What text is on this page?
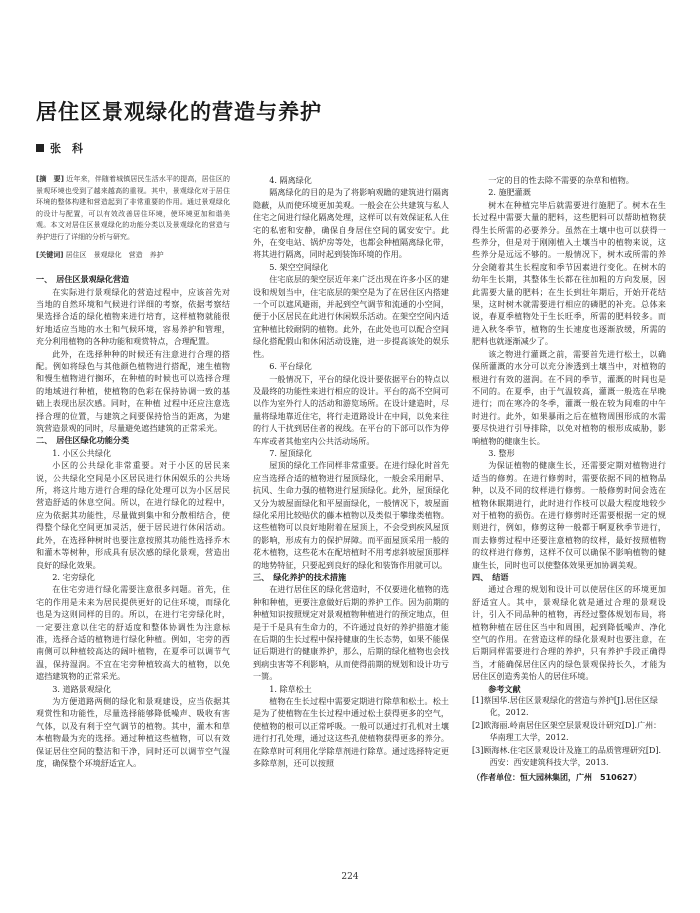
居住区景观绿化的营造与养护
张　科

[摘　要] 近年来，伴随着城镇居民生活水平的提高，居住区的景观环境也受到了越来越高的重视。其中，景观绿化对于居住环境的整体构建和营造起到了非常重要的作用。通过景观绿化的设计与配置，可以有效改善居住环境，使环境更加和谐美观。本文对居住区景观绿化的功能分类以及景观绿化的营造与养护进行了详细的分析与研究。

[关键词] 居住区　景观绿化　营造　养护

一、　居住区景观绿化营造

在实际进行景观绿化的营造过程中，应该首先对当地的自然环境和气候进行详细的考察，依据考察结果选择合适的绿化植物来进行培育，这样植物就能很好地适应当地的水土和气候环境，容易养护和管理，充分利用植物的各种功能和观赏特点，合理配置。

此外，在选择种种的时候还有注意进行合理的搭配。例如将绿色与其他颜色植物进行搭配，速生植物和慢生植物进行搁环，在种植的时候也可以选择合理的地域进行种植，使植物的色彩在保持协调一致的基础上表现出层次感。同时，在种植 过程中还应注意选择合理的位置，与建筑之间要保持恰当的距离，为建筑营造景观的同时，尽量避免遮挡建筑的正常采光。

二、　居住区绿化功能分类

1. 小区公共绿化

小区的公共绿化非常重要。对于小区的居民来说，公共绿化空间是小区居民进行休闲娱乐的公共场所，将这片地方进行合理的绿化处理可以为小区居民营造舒适的休息空间。所以，在进行绿化的过程中，应为依据其功能性，尽量做到集中和分散相结合，使得整个绿化空间更加灵活，便于居民进行休闲活动。此外，在选择种树时也要注意按照其功能性选择乔木和灌木等树种，形成具有层次感的绿化景观，营造出良好的绿化效果。

2. 宅旁绿化

在住宅旁进行绿化需要注意很多问题。首先，住宅的作用是未来为居民提供更好的记住环境，而绿化也是为这则同样的目的。所以，在进行宅旁绿化时，一定要注意以住宅的舒适度和整体协调性为注意标准，选择合适的植物进行绿化种植。例如，宅旁的西南侧可以种植较高达的阔叶植物，在夏季可以调节气温，保持湿润。不宜在宅旁种植较高大的植物，以免遮挡建筑物的正常采光。

3. 道路景观绿化

为方便道路两侧的绿化和景观建设，应当依据其观赏性和功能性，尽量选择能够降低噪声、吸收有害气体，以及有利于空气调节的植物。其中，灌木和草本植物最为充的选择。通过种植这些植物，可以有效保证居住空间的整洁和干净，同时还可以调节空气湿度，确保整个环境舒适宜人。

4. 隔离绿化

隔离绿化的目的是为了将影响观瞻的建筑进行隔离隐蔽，从而使环境更加美观。一般会在公共建筑与私人住宅之间进行绿化隔离处理，这样可以有效保证私人住宅的私密和安静，确保自身居住空间的属安安宁。此外，在变电站、锅炉房等处，也都会种植隔离绿化带，将其进行隔离，同时起到装饰环境的作用。

5. 架空空间绿化

住宅底层的架空层近年来广泛出现在许多小区的建设和规划当中，住宅底层的架空是为了在居住区内搭建一个可以遮风避雨，并起到空气调节和流通的小空间，便于小区居民在此进行休闲娱乐活动。在架空空间内适宜种植比较耐阴的植物。此外，在此处也可以配合空间绿化搭配假山和休闲活动设施，进一步提高该处的娱乐性。

6. 平台绿化

一般情况下，平台的绿化设计要依据平台的特点以及最终的功能性来进行相应的设计。平台的高不空间可以作为室外行人的活动和游览场所。在设计建造时，尽量将绿地靠近住宅，将行走道路设计在中间，以免来往的行人干扰到居住者的视线。在平台的下部可以作为停车库或者其他室内公共活动场所。

7. 屋顶绿化

屋顶的绿化工作同样非常重要。在进行绿化时首先应当选择合适的植物进行屋顶绿化，一般会采用耐旱、抗风、生命力强的植物进行屋顶绿化。此外，屋顶绿化又分为坡屋面绿化和平屋面绿化，一般情况下，坡屋面绿化采用比较贴伏的藤本植物以及类似于攀缘类植物。这些植物可以良好地附着在屋顶上，不会受到疾风屋顶的影响，形成有力的保护屏障。而平面屋顶采用一般的花木植物，这些花木在配培植时不用考虑斜坡屋顶那样的地势特征，只要起到良好的绿化和装饰作用就可以。

三、　绿化养护的技术措施

在进行居住区的绿化营造时，不仅要进化植物的选种和种植，更要注意做好后期的养护工作。因为前期的种植知识按照规定对景观植物种植进行的预定地点，但是于千是具有生命力的，不许通过良好的养护措施才能在后期的生长过程中保持健康的生长态势，如果不能保证后期进行的健康养护，那么，后期的绿化植物也会找到病虫害等不利影响，从而使得前期的规划和设计功亏一篑。

1. 除草松土

植物在生长过程中需要定期进行除草和松土。松土是为了使植物在生长过程中通过松土获得更多的空气，使植物的根可以正常呼吸。一般可以通过打孔机对土壤进行打孔处理，通过这这些孔使植物获得更多的养分。在除草时可利用化学除草剂进行除草。通过选择特定更多除草剂，还可以按照

一定的目的性去除不需要的杂草和植物。

2. 施肥灌溉

树木在种植完毕后就需要进行施肥了。树木在生长过程中需要大量的肥料，这些肥料可以帮助植物获得生长所需的必要养分。虽然在土壤中也可以获得一些养分，但是对于刚刚植入土壤当中的植物来说，这些养分是远远不够的。一般情况下，树木或所需的养分会随着其生长程度和季节因素进行变化。在树木的幼年生长期，其整体生长都在往加粗的方向发展，因此需要大量的肥料；在生长到壮年期后，开始开花结果，这时树木就需要进行相应的磷肥的补充。总体来说，春夏季植物处于生长旺季，所需的肥料较多。而进入秋冬季节，植物的生长速度也逐渐放缓，所需的肥料也就逐渐减少了。

该之物进行灌溉之前，需要首先进行松土，以确保所灌溉的水分可以充分渗透到土壤当中，对植物的根进行有效的滋润。在不同的季节，灌溉的时间也是不同的。在夏季，由于气温较高，灌溉一般选在早晚进行；而在寒冷的冬季，灌溉一般在较为间难的中午时进行。此外，如果暴雨之后在植物周围形成的水需要尽快进行引导排除，以免对植物的根形成威胁，影响植物的健康生长。

3. 整形

为保证植物的健康生长，还需要定期对植物进行适当的修剪。在进行修剪时，需要依据不同的植物品种，以及不同的纹样进行修剪。一般修剪时间会选在植物休眠期进行，此时进行作枝可以最大程度地较少对于植物的损伤。在进行修剪时还需要根据一定的规则进行，例如，修剪这种一般都于啊夏秋季节进行，而去修剪过程中还要注意植物的纹样，最好按照植物的纹样进行修剪，这样不仅可以确保不影响植物的健康生长，同时也可以使整体效果更加协调美观。

四、　结语

通过合理的规划和设计可以使居住区的环境更加舒适宜人。其中，景观绿化就是通过合理的景观设计，引入不同品种的植物，再经过整体规划布局，将植物种植在居住区当中和周围，起到降低噪声、净化空气的作用。在营造这样的绿化景观时也要注意，在后期同样需要进行合理的养护，只有养护手段正确得当，才能确保居住区内的绿色景观保持长久，才能为居住区创造秀美怡人的居住环境。

参考文献

[1]蔡国华.居住区景观绿化的营造与养护[J].居住区绿化，2012.

[2]欧海丽.岭南居住区架空层景观设计研究[D].广州：华南理工大学，2012.

[3]顾海林.住宅区景观设计及施工的品质管理研究[D].西安：西安建筑科技大学，2013.

（作者单位：恒大园林集团，广州　510627）

224
